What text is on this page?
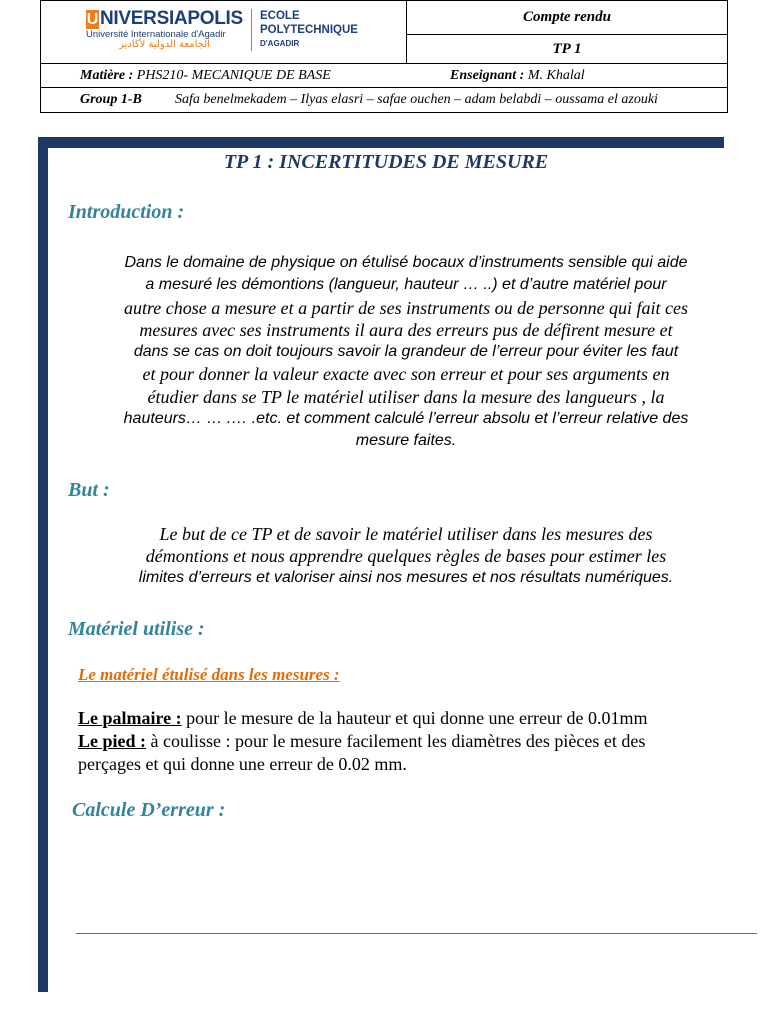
Compte rendu
TP 1
U NIVERSIAPOLIS
Université Internationale d'Agadir
الجامعة الدولية لأكادير
ECOLE
POLYTECHNIQUE
D'AGADIR
Matière : PHS210- MECANIQUE DE BASE	Enseignant : M. Khalal
Group 1-B Safa benelmekadem – Ilyas elasri – safae ouchen – adam belabdi – oussama el azouki
TP 1 : INCERTITUDES DE MESURE
Introduction :
Dans le domaine de physique on étulisé bocaux d’instruments sensible qui aide
a mesuré les démontions (langueur, hauteur … ..) et d’autre matériel pour
autre chose a mesure et a partir de ses instruments ou de personne qui fait ces
mesures avec ses instruments il aura des erreurs pus de défirent mesure et
dans se cas on doit toujours savoir la grandeur de l’erreur pour éviter les faut
et pour donner la valeur exacte avec son erreur et pour ses arguments en
étudier dans se TP le matériel utiliser dans la mesure des langueurs , la
hauteurs… … .… .etc. et comment calculé l’erreur absolu et l’erreur relative des
mesure faites.
But :
Le but de ce TP et de savoir le matériel utiliser dans les mesures des
démontions et nous apprendre quelques règles de bases pour estimer les
limites d’erreurs et valoriser ainsi nos mesures et nos résultats numériques.
Matériel utilise :
Le matériel étulisé dans les mesures :
Le palmaire : pour le mesure de la hauteur et qui donne une erreur de 0.01mm
Le pied : à coulisse : pour le mesure facilement les diamètres des pièces et des
perçages et qui donne une erreur de 0.02 mm.
Calcule D’erreur :
